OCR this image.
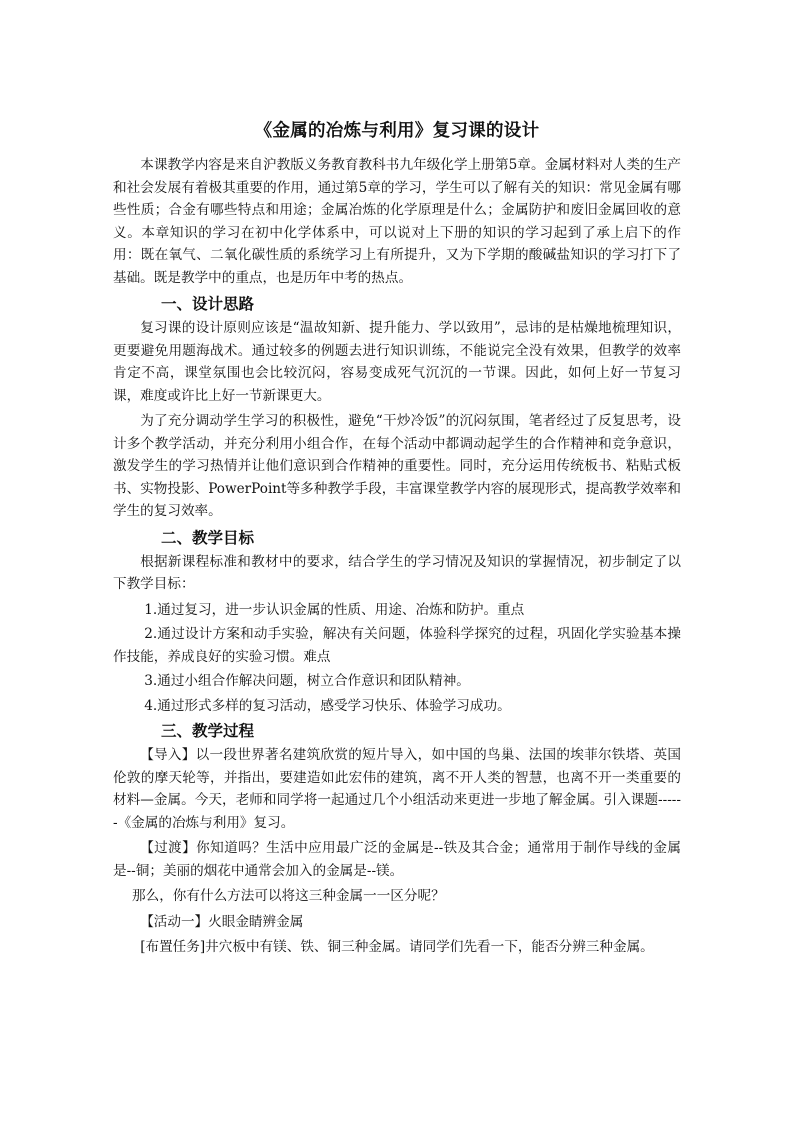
《金属的冶炼与利用》复习课的设计

本课教学内容是来自沪教版义务教育教科书九年级化学上册第5章。金属材料对人类的生产和社会发展有着极其重要的作用，通过第5章的学习，学生可以了解有关的知识：常见金属有哪些性质；合金有哪些特点和用途；金属冶炼的化学原理是什么；金属防护和废旧金属回收的意义。本章知识的学习在初中化学体系中，可以说对上下册的知识的学习起到了承上启下的作用：既在氧气、二氧化碳性质的系统学习上有所提升，又为下学期的酸碱盐知识的学习打下了基础。既是教学中的重点，也是历年中考的热点。

一、设计思路

复习课的设计原则应该是“温故知新、提升能力、学以致用”，忌讳的是枯燥地梳理知识，更要避免用题海战术。通过较多的例题去进行知识训练，不能说完全没有效果，但教学的效率肯定不高，课堂氛围也会比较沉闷，容易变成死气沉沉的一节课。因此，如何上好一节复习课，难度或许比上好一节新课更大。

为了充分调动学生学习的积极性，避免“干炒冷饭”的沉闷氛围，笔者经过了反复思考，设计多个教学活动，并充分利用小组合作，在每个活动中都调动起学生的合作精神和竞争意识，激发学生的学习热情并让他们意识到合作精神的重要性。同时，充分运用传统板书、粘贴式板书、实物投影、PowerPoint等多种教学手段，丰富课堂教学内容的展现形式，提高教学效率和学生的复习效率。

二、教学目标

根据新课程标准和教材中的要求，结合学生的学习情况及知识的掌握情况，初步制定了以下教学目标：

1.通过复习，进一步认识金属的性质、用途、冶炼和防护。重点

2.通过设计方案和动手实验，解决有关问题，体验科学探究的过程，巩固化学实验基本操作技能，养成良好的实验习惯。难点

3.通过小组合作解决问题，树立合作意识和团队精神。

4.通过形式多样的复习活动，感受学习快乐、体验学习成功。

三、教学过程

【导入】以一段世界著名建筑欣赏的短片导入，如中国的鸟巢、法国的埃菲尔铁塔、英国伦敦的摩天轮等，并指出，要建造如此宏伟的建筑，离不开人类的智慧，也离不开一类重要的材料—金属。今天，老师和同学将一起通过几个小组活动来更进一步地了解金属。引入课题------《金属的冶炼与利用》复习。

【过渡】你知道吗？生活中应用最广泛的金属是--铁及其合金；通常用于制作导线的金属是--铜；美丽的烟花中通常会加入的金属是--镁。

那么，你有什么方法可以将这三种金属一一区分呢？

【活动一】火眼金睛辨金属

[布置任务]井穴板中有镁、铁、铜三种金属。请同学们先看一下，能否分辨三种金属。
